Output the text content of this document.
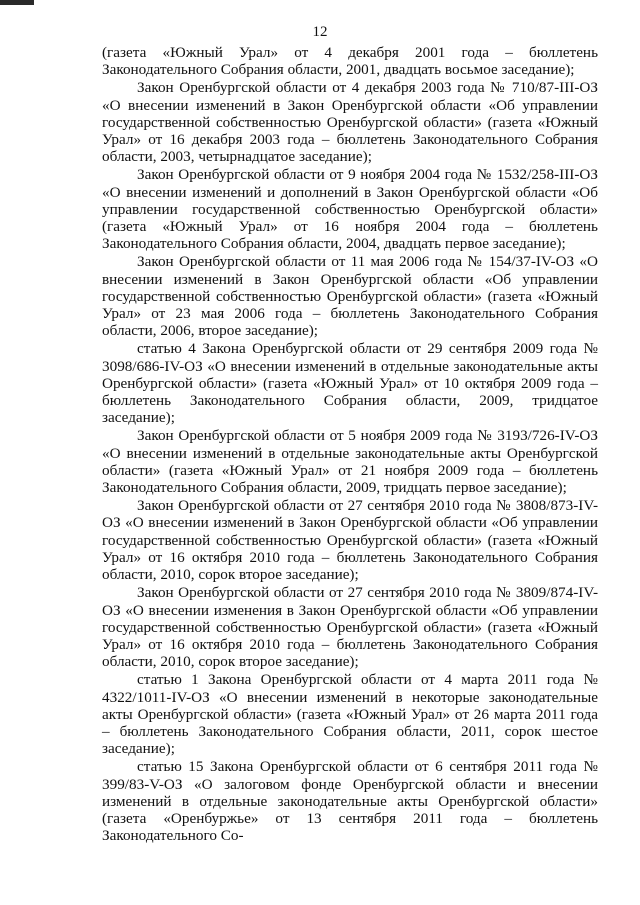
12

(газета «Южный Урал» от 4 декабря 2001 года – бюллетень Законодательного Собрания области, 2001, двадцать восьмое заседание);

Закон Оренбургской области от 4 декабря 2003 года № 710/87-III-ОЗ «О внесении изменений в Закон Оренбургской области «Об управлении государственной собственностью Оренбургской области» (газета «Южный Урал» от 16 декабря 2003 года – бюллетень Законодательного Собрания области, 2003, четырнадцатое заседание);

Закон Оренбургской области от 9 ноября 2004 года № 1532/258-III-ОЗ «О внесении изменений и дополнений в Закон Оренбургской области «Об управлении государственной собственностью Оренбургской области» (газета «Южный Урал» от 16 ноября 2004 года – бюллетень Законодательного Собрания области, 2004, двадцать первое заседание);

Закон Оренбургской области от 11 мая 2006 года № 154/37-IV-ОЗ «О внесении изменений в Закон Оренбургской области «Об управлении государственной собственностью Оренбургской области» (газета «Южный Урал» от 23 мая 2006 года – бюллетень Законодательного Собрания области, 2006, второе заседание);

статью 4 Закона Оренбургской области от 29 сентября 2009 года № 3098/686-IV-ОЗ «О внесении изменений в отдельные законодательные акты Оренбургской области» (газета «Южный Урал» от 10 октября 2009 года – бюллетень Законодательного Собрания области, 2009, тридцатое заседание);

Закон Оренбургской области от 5 ноября 2009 года № 3193/726-IV-ОЗ «О внесении изменений в отдельные законодательные акты Оренбургской области» (газета «Южный Урал» от 21 ноября 2009 года – бюллетень Законодательного Собрания области, 2009, тридцать первое заседание);

Закон Оренбургской области от 27 сентября 2010 года № 3808/873-IV-ОЗ «О внесении изменений в Закон Оренбургской области «Об управлении государственной собственностью Оренбургской области» (газета «Южный Урал» от 16 октября 2010 года – бюллетень Законодательного Собрания области, 2010, сорок второе заседание);

Закон Оренбургской области от 27 сентября 2010 года № 3809/874-IV-ОЗ «О внесении изменения в Закон Оренбургской области «Об управлении государственной собственностью Оренбургской области» (газета «Южный Урал» от 16 октября 2010 года – бюллетень Законодательного Собрания области, 2010, сорок второе заседание);

статью 1 Закона Оренбургской области от 4 марта 2011 года № 4322/1011-IV-ОЗ «О внесении изменений в некоторые законодательные акты Оренбургской области» (газета «Южный Урал» от 26 марта 2011 года – бюллетень Законодательного Собрания области, 2011, сорок шестое заседание);

статью 15 Закона Оренбургской области от 6 сентября 2011 года № 399/83-V-ОЗ «О залоговом фонде Оренбургской области и внесении изменений в отдельные законодательные акты Оренбургской области» (газета «Оренбуржье» от 13 сентября 2011 года – бюллетень Законодательного Со-
